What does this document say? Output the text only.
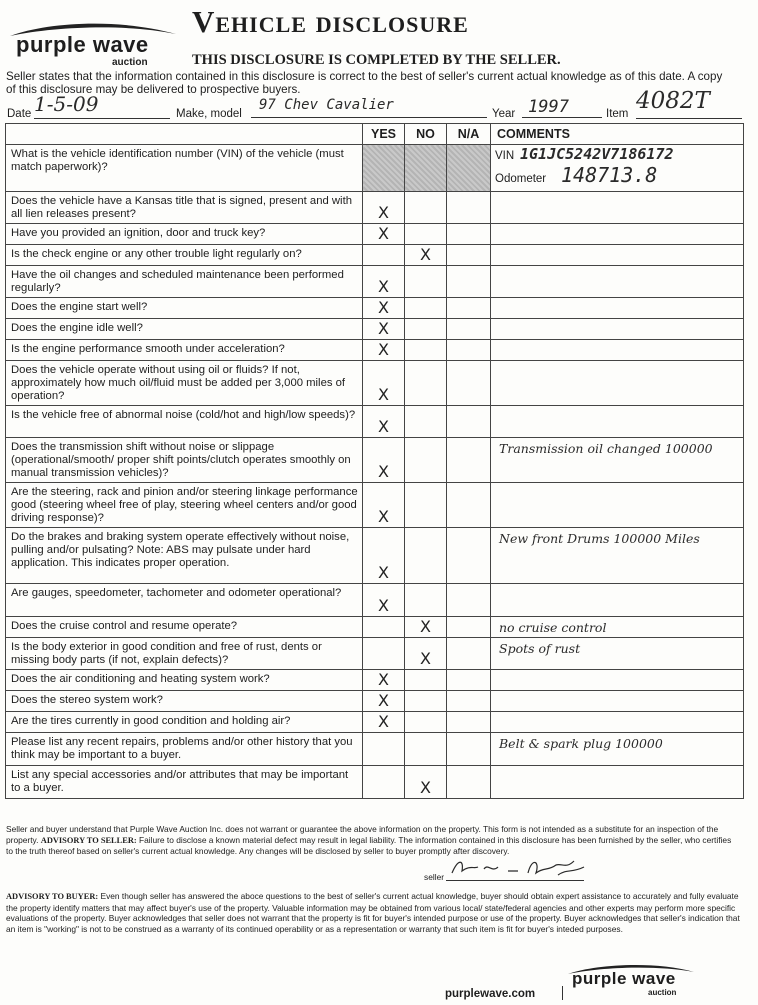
purple wave
auction
Vehicle disclosure
THIS DISCLOSURE IS COMPLETED BY THE SELLER.
Seller states that the information contained in this disclosure is correct to the best of seller's current actual knowledge as of this date. A copy of this disclosure may be delivered to prospective buyers.
Date 1-5-09	Make, model
97 Chev Cavalier
Year 1997	Item 4082T
	YES	NO	N/A	COMMENTS
What is the vehicle identification number (VIN) of the vehicle (must match paperwork)?				VIN 1G1JC5242V7186172
Odometer 148713.8

Does the vehicle have a Kansas title that is signed, present and with all lien releases present?	X			

Have you provided an ignition, door and truck key?	X			

Is the check engine or any other trouble light regularly on?		X		

Have the oil changes and scheduled maintenance been performed regularly?	X			

Does the engine start well?	X			

Does the engine idle well?	X			

Is the engine performance smooth under acceleration?	X			

Does the vehicle operate without using oil or fluids? If not, approximately how much oil/fluid must be added per 3,000 miles of operation?	X			

Is the vehicle free of abnormal noise (cold/hot and high/low speeds)?	X			

Does the transmission shift without noise or slippage (operational/smooth/ proper shift points/clutch operates smoothly on manual transmission vehicles)?	X			Transmission oil changed 100000

Are the steering, rack and pinion and/or steering linkage performance good (steering wheel free of play, steering wheel centers and/or good driving response)?	X			

Do the brakes and braking system operate effectively without noise, pulling and/or pulsating? Note: ABS may pulsate under hard application. This indicates proper operation.	X			New front Drums 100000 Miles

Are gauges, speedometer, tachometer and odometer operational?	X			

Does the cruise control and resume operate?		X		no cruise control

Is the body exterior in good condition and free of rust, dents or missing body parts (if not, explain defects)?		X		Spots of rust

Does the air conditioning and heating system work?	X			

Does the stereo system work?	X			

Are the tires currently in good condition and holding air?	X			

Please list any recent repairs, problems and/or other history that you think may be important to a buyer.				Belt & spark plug 100000

List any special accessories and/or attributes that may be important to a buyer.		X		
Seller and buyer understand that Purple Wave Auction Inc. does not warrant or guarantee the above information on the property. This form is not intended as a substitute for an inspection of the property. ADVISORY TO SELLER: Failure to disclose a known material defect may result in legal liability. The information contained in this disclosure has been furnished by the seller, who certifies to the truth thereof based on seller's current actual knowledge. Any changes will be disclosed by seller to buyer promptly after discovery.
seller
ADVISORY TO BUYER: Even though seller has answered the aboce questions to the best of seller's current actual knowledge, buyer should obtain expert assistance to accurately and fully evaluate the property identify matters that may affect buyer's use of the property. Valuable information may be obtained from various local/ state/federal agencies and other experts may perform more specific evaluations of the property. Buyer acknowledges that seller does not warrant that the property is fit for buyer's intended purpose or use of the property. Buyer acknowledges that seller's indication that an item is "working" is not to be construed as a warranty of its continued operability or as a representation or warranty that such item is fit for buyer's inteded purposes.
purple wave
auction
purplewave.com
